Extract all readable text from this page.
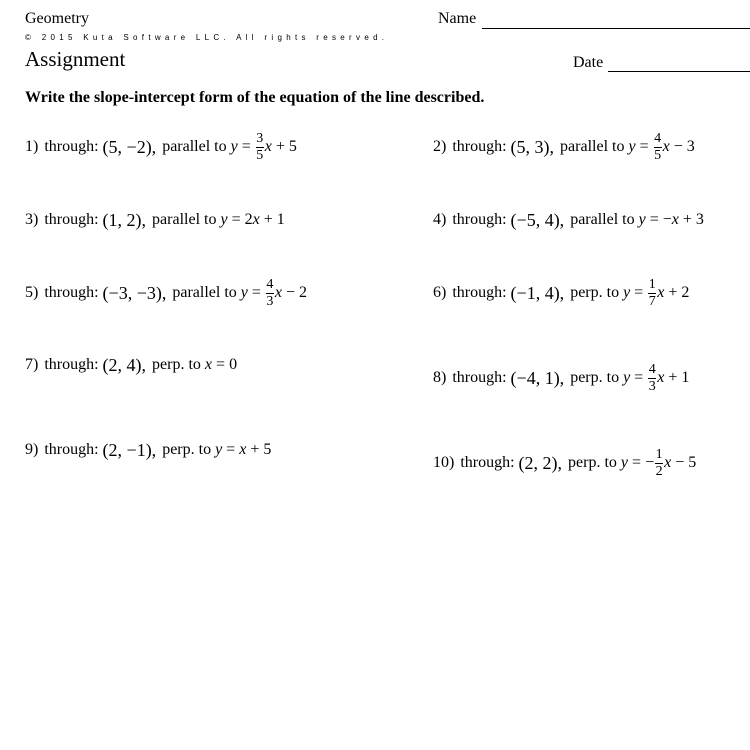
Geometry	Name
© 2015 Kuta Software LLC. All rights reserved.
Assignment	Date
Write the slope-intercept form of the equation of the line described.
1) through: (5, −2), parallel to
$y = \frac{3}{5}$ x + 5	2) through: (5, 3), parallel to
$y = \frac{4}{5}$ x − 3
3) through: (1, 2), parallel to
y = 2 x + 1	4) through: (−5, 4), parallel to
y = − x + 3
5) through: (−3, −3), parallel to
$y = \frac{4}{3}$ x − 2	6) through: (−1, 4), perp. to
$y = \frac{1}{7}$ x + 2
7) through: (2, 4), perp. to
x = 0
8) through: (−4, 1), perp. to
$y = \frac{4}{3}$ x + 1
9) through: (2, −1), perp. to
y = x + 5
10) through: (2, 2), perp. to
y = − $\frac{1}{2}$ x − 5
